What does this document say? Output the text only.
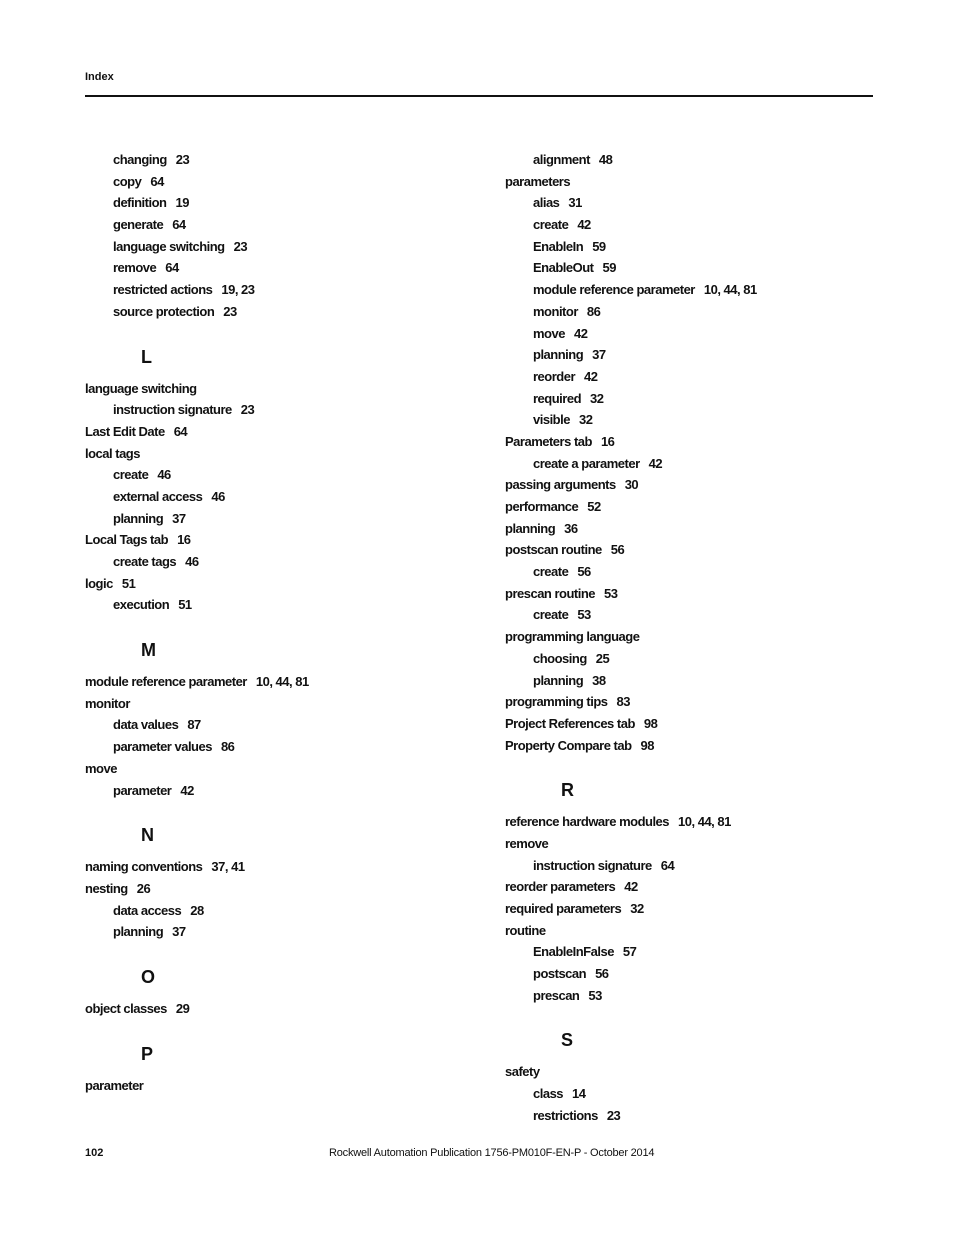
Index
changing 23
copy 64
definition 19
generate 64
language switching 23
remove 64
restricted actions 19, 23
source protection 23
L
language switching
instruction signature 23
Last Edit Date 64
local tags
create 46
external access 46
planning 37
Local Tags tab 16
create tags 46
logic 51
execution 51
M
module reference parameter 10, 44, 81
monitor
data values 87
parameter values 86
move
parameter 42
N
naming conventions 37, 41
nesting 26
data access 28
planning 37
O
object classes 29
P
parameter
alignment 48
parameters
alias 31
create 42
EnableIn 59
EnableOut 59
module reference parameter 10, 44, 81
monitor 86
move 42
planning 37
reorder 42
required 32
visible 32
Parameters tab 16
create a parameter 42
passing arguments 30
performance 52
planning 36
postscan routine 56
create 56
prescan routine 53
create 53
programming language
choosing 25
planning 38
programming tips 83
Project References tab 98
Property Compare tab 98
R
reference hardware modules 10, 44, 81
remove
instruction signature 64
reorder parameters 42
required parameters 32
routine
EnableInFalse 57
postscan 56
prescan 53
S
safety
class 14
restrictions 23
102	Rockwell Automation Publication 1756-PM010F-EN-P - October 2014
